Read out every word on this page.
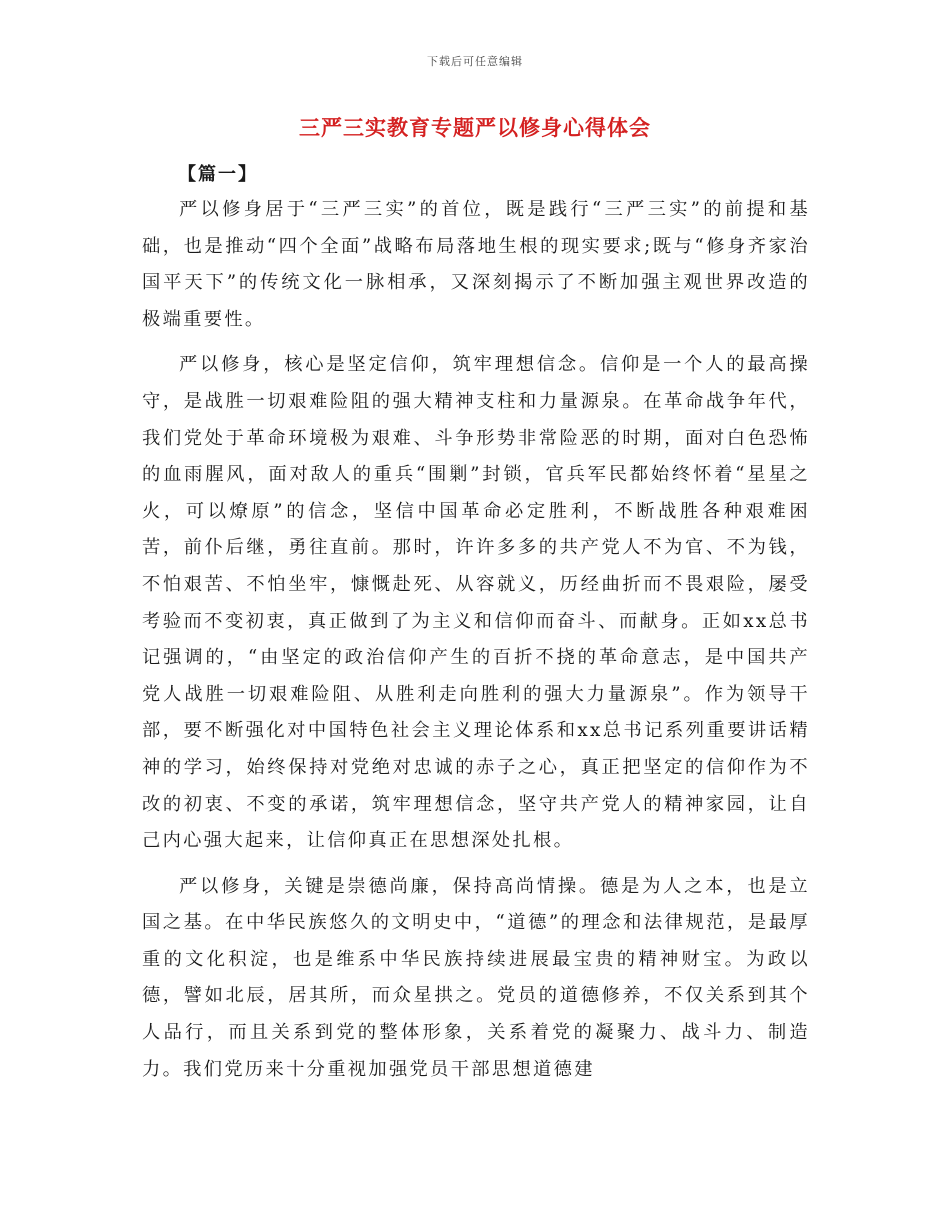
下载后可任意编辑
三严三实教育专题严以修身心得体会
【篇一】

严以修身居于“三严三实”的首位，既是践行“三严三实”的前提和基础，也是推动“四个全面”战略布局落地生根的现实要求;既与“修身齐家治国平天下”的传统文化一脉相承，又深刻揭示了不断加强主观世界改造的极端重要性。

严以修身，核心是坚定信仰，筑牢理想信念。信仰是一个人的最高操守，是战胜一切艰难险阻的强大精神支柱和力量源泉。在革命战争年代，我们党处于革命环境极为艰难、斗争形势非常险恶的时期，面对白色恐怖的血雨腥风，面对敌人的重兵“围剿”封锁，官兵军民都始终怀着“星星之火，可以燎原”的信念，坚信中国革命必定胜利，不断战胜各种艰难困苦，前仆后继，勇往直前。那时，许许多多的共产党人不为官、不为钱，不怕艰苦、不怕坐牢，慷慨赴死、从容就义，历经曲折而不畏艰险，屡受考验而不变初衷，真正做到了为主义和信仰而奋斗、而献身。正如xx总书记强调的，“由坚定的政治信仰产生的百折不挠的革命意志，是中国共产党人战胜一切艰难险阻、从胜利走向胜利的强大力量源泉”。作为领导干部，要不断强化对中国特色社会主义理论体系和xx总书记系列重要讲话精神的学习，始终保持对党绝对忠诚的赤子之心，真正把坚定的信仰作为不改的初衷、不变的承诺，筑牢理想信念，坚守共产党人的精神家园，让自己内心强大起来，让信仰真正在思想深处扎根。

严以修身，关键是崇德尚廉，保持高尚情操。德是为人之本，也是立国之基。在中华民族悠久的文明史中，“道德”的理念和法律规范，是最厚重的文化积淀，也是维系中华民族持续进展最宝贵的精神财宝。为政以德，譬如北辰，居其所，而众星拱之。党员的道德修养，不仅关系到其个人品行，而且关系到党的整体形象，关系着党的凝聚力、战斗力、制造力。我们党历来十分重视加强党员干部思想道德建
